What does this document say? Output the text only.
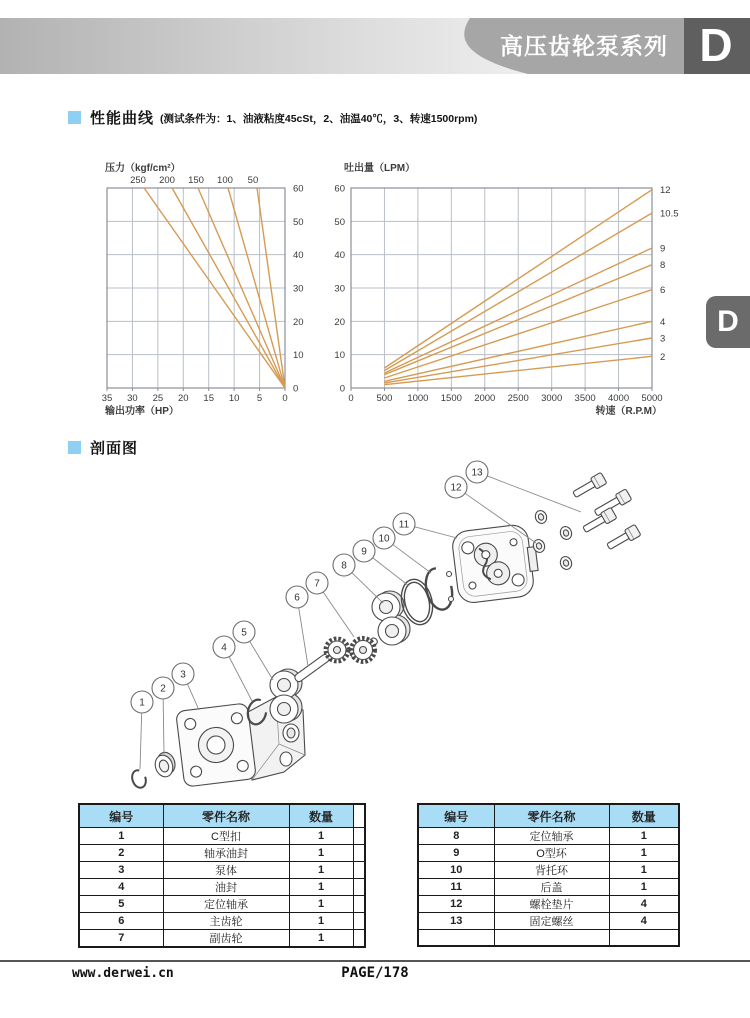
高压齿轮泵系列 D
D
性能曲线 (测试条件为：1、油液粘度45cSt，2、油温40℃，3、转速1500rpm)
35 30 25 20 15 10 5 0
60
50
40
30
20
10
0
250 200 150 100 50
压力（kgf/cm²）
输出功率（HP）
0 500 1000 1500 2000 2500 3000 3500 4000 5000
60
50
40
30
20
10
0
12
10.5
9
8
6
4
3
2
吐出量（LPM）
转速（R.P.M）
剖面图
1
2
3
4
5
6
7
8
9
10
11
12
13
编号	零件名称	数量	
1	C型扣	1	
2	轴承油封	1	
3	泵体	1	
4	油封	1	
5	定位轴承	1	
6	主齿轮	1	
7	副齿轮	1	
编号	零件名称	数量
8	定位轴承	1
9	O型环	1
10	背托环	1
11	后盖	1
12	螺栓垫片	4
13	固定螺丝	4

www.derwei.cn	PAGE/178
